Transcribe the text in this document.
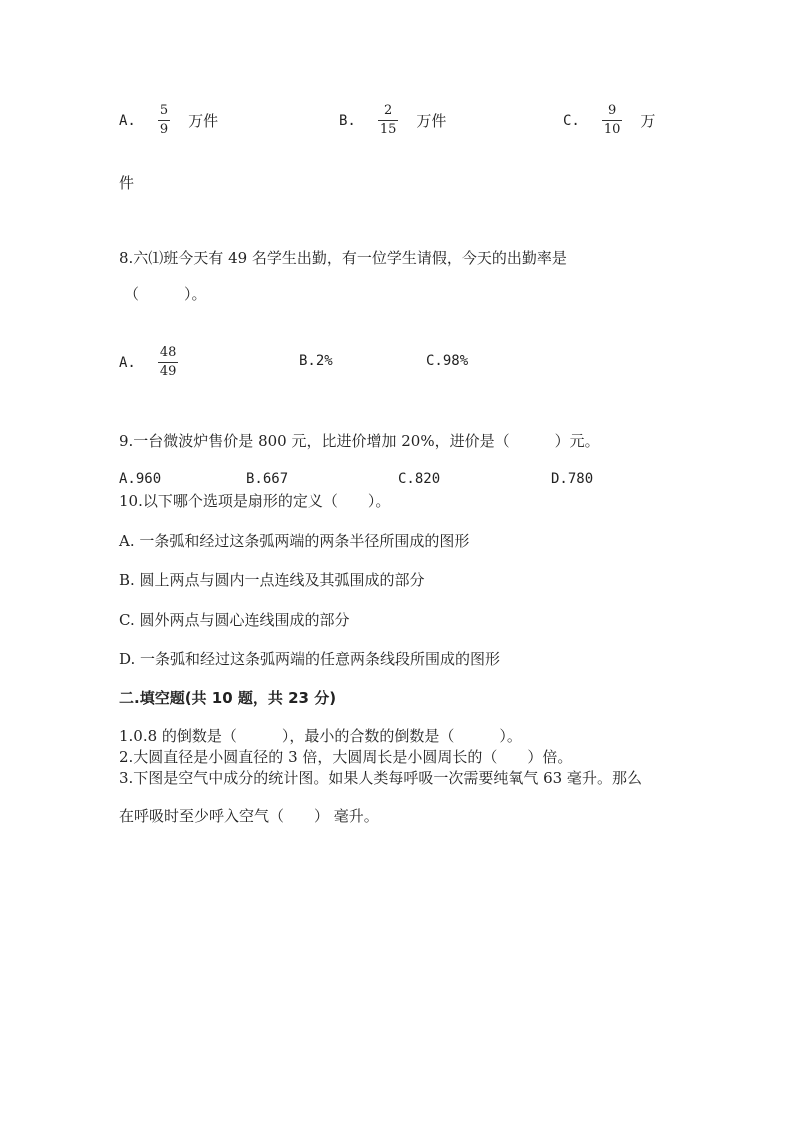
A. $\frac{5}{9}$ 万件	B. $\frac{2}{15}$ 万件	C. $\frac{9}{10}$ 万
件
8.六⑴班今天有 49 名学生出勤，有一位学生请假，今天的出勤率是
（　　　）。
A. $\frac{48}{49}$	B.2%	C.98%
9.一台微波炉售价是 800 元，比进价增加 20%，进价是（　　　）元。
A.960	B.667	C.820	D.780
10.以下哪个选项是扇形的定义（　　）。
A. 一条弧和经过这条弧两端的两条半径所围成的图形
B. 圆上两点与圆内一点连线及其弧围成的部分
C. 圆外两点与圆心连线围成的部分
D. 一条弧和经过这条弧两端的任意两条线段所围成的图形
二.填空题(共 10 题，共 23 分)
1.0.8 的倒数是（　　　），最小的合数的倒数是（　　　）。
2.大圆直径是小圆直径的 3 倍，大圆周长是小圆周长的（　　）倍。
3.下图是空气中成分的统计图。如果人类每呼吸一次需要纯氧气 63 毫升。那么
在呼吸时至少呼入空气（　　） 毫升。
